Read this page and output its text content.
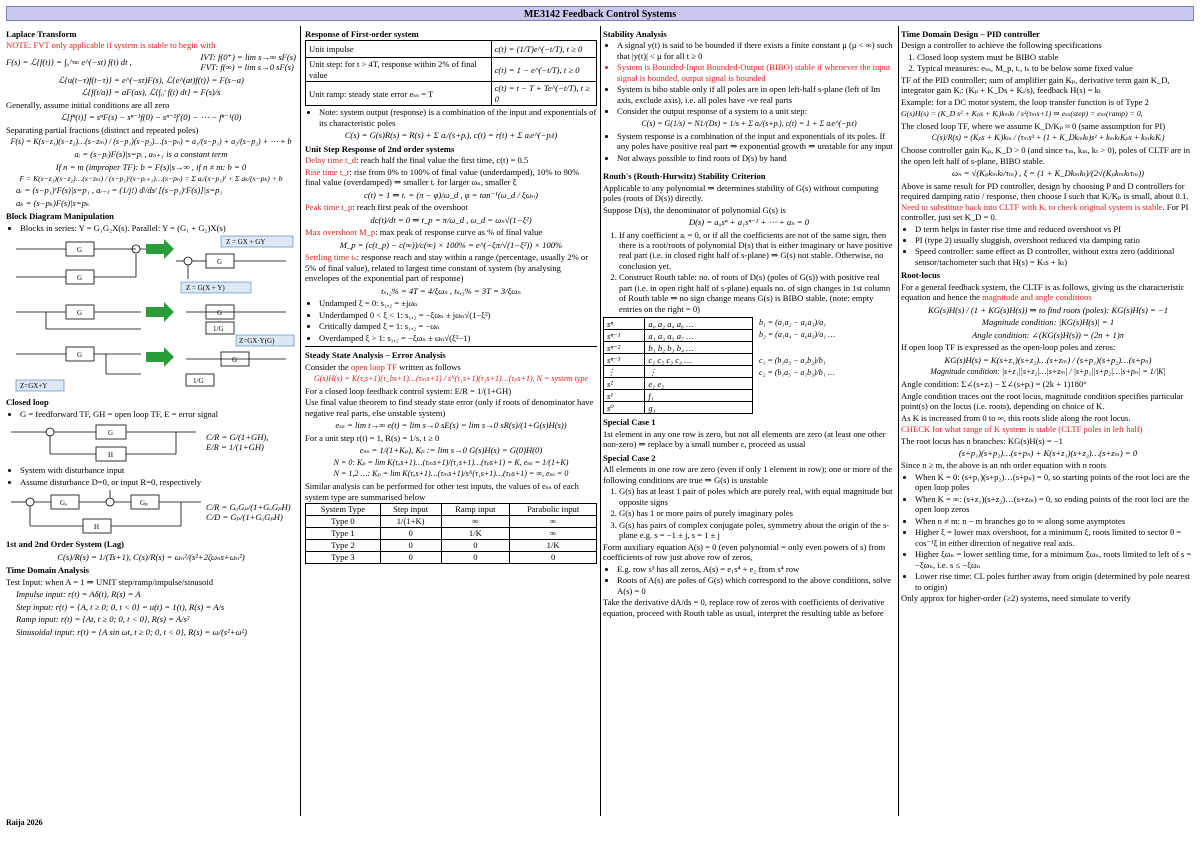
ME3142 Feedback Control Systems
Laplace Transform
NOTE: FVT only applicable if system is stable to begin with
F(s) = ℒ{f(t)} = ∫₀^∞ e^(−st) f(t) dt ,
IVT: f(0⁺) = lim s→∞ sF(s)
FVT: f(∞) = lim s→0 sF(s)
ℒ{u(t−τ)f(t−τ)} = e^(−sτ)F(s), ℒ{e^(at)f(t)} = F(s−a)
ℒ{f(t/a)} = aF(as), ℒ{∫₀ᵗ f(t) dt} = F(s)/s
Generally, assume initial conditions are all zero
ℒ[fⁿ(t)] = sⁿF(s) − sⁿ⁻¹f(0) − sⁿ⁻²f′(0) − ⋯ − fⁿ⁻¹(0)
Separating partial fractions (distinct and repeated poles)
F(s) = K(s−z₁)(s−z₂)…(s−zₘ) / (s−p₁)(s−p₂)…(s−pₙ) = a₁/(s−p₁) + a₂/(s−p₂) + ⋯ + b
aᵢ = (s−pᵢ)F(s)|s=pᵢ , aₙ₊₁ is a constant term
If n = m (improper TF): b = F(s)|s→∞ , if n ≠ m: b = 0
F = K(s−z₁)(s−z₂)…(s−zₘ) / (s−p₁)ʳ(s−pᵣ₊₁)…(s−pₙ) = Σ aᵢ/(s−p₁)ⁱ + Σ aₖ/(s−pₖ) + b
aᵣ = (s−p₁)ʳF(s)|s=p₁ , aᵣ₋ⱼ = (1/j!) dʲ/dsʲ [(s−p₁)ʳF(s)]|s=p₁
aₖ = (s−pₖ)F(s)|s=pₖ
Block Diagram Manipulation
• Blocks in series: Y = G₁G₂X(s). Parallel: Y = (G₁ + G₂)X(s)
G
G
G
G	G
1/G
G
G
1/G
Z = GX + GY
Z = G(X + Y)
Z=GX·Y(G)
Z=GX+Y
Closed loop
• G = feedforward TF, GH = open loop TF, E = error signal
G
H
C/R = G/(1+GH),
E/R = 1/(1+GH)
• System with disturbance input
• Assume disturbance D=0, or input R=0, respectively
Gₐ	Gₚ
H
C/R = GₐGₚ/(1+GₐGₚH)
C/D = Gₚ/(1+GₐGₚH)
1st and 2nd Order System (Lag)
C(s)/R(s) = 1/(Ts+1), C(s)/R(s) = ωₙ²/(s²+2ζωₙs+ωₙ²)
Time Domain Analysis
Test Input: when A = 1 ⇒ UNIT step/ramp/impulse/sinusoid
Impulse input: r(t) = Aδ(t), R(s) = A
Step input: r(t) = {A, t ≥ 0; 0, t < 0} = u(t) = 1(t), R(s) = A/s
Ramp input: r(t) = {At, t ≥ 0; 0, t < 0}, R(s) = A/s²
Sinusoidal input: r(t) = {A sin ωt, t ≥ 0; 0, t < 0}, R(s) = ω/(s²+ω²)
Response of First-order system
Unit impulse	c(t) = (1/T)e^(−t/T), t ≥ 0
Unit step: for t > 4T, response within 2% of final value	c(t) = 1 − e^(−t/T), t ≥ 0
Unit ramp: steady state error eₛₛ = T	c(t) = t − T + Te^(−t/T), t ≥ 0
• Note: system output (response) is a combination of the input and exponentials of its characteristic poles
C(s) = G(s)R(s) = R(s) + Σ aᵢ/(s+pᵢ), c(t) = r(t) + Σ aᵢe^(−pᵢt)
Unit Step Response of 2nd order systems
Delay time t_d: reach half the final value the first time, c(t) = 0.5
Rise time t_r: rise from 0% to 100% of final value (underdamped), 10% to 90% final value (overdamped) ⇒ smaller tᵣ for larger ωₙ, smaller ξ
c(t) = 1 ⇒ tᵣ = (π − φ)/ω_d , φ = tan⁻¹(ω_d / ξωₙ)
Peak time t_p: reach first peak of the overshoot
dc(t)/dt = 0 ⇒ t_p = π/ω_d , ω_d = ωₙ√(1−ξ²)
Max overshoot M_p: max peak of response curve as % of final value
M_p = (c(t_p) − c(∞))/c(∞) × 100% = e^(−ξπ/√(1−ξ²)) × 100%
Settling time tₛ: response reach and stay within a range (percentage, usually 2% or 5% of final value), related to largest time constant of system (by analysing envelopes of the exponential part of response)
tₛ,₂% = 4T = 4/ξωₙ , tₛ,₅% = 3T = 3/ξωₙ
• Undamped ξ = 0: s₁,₂ = ±jωₙ
• Underdamped 0 < ξ < 1: s₁,₂ = −ξωₙ ± jωₙ√(1−ξ²)
• Critically damped ξ = 1: s₁,₂ = −ωₙ
• Overdamped ξ > 1: s₁,₂ = −ξωₙ ± ωₙ√(ξ²−1)
Steady State Analysis – Error Analysis
Consider the open loop TF written as follows
G(s)H(s) = K(τₐs+1)(τ_bs+1)…(τₘs+1) / sᴺ(τ₁s+1)(τ₂s+1)…(τₚs+1), N = system type
For a closed loop feedback control system: E/R = 1/(1+GH)
Use final value theorem to find steady state error (only if roots of denominator have negative real parts, else unstable system)
eₛₛ = lim t→∞ e(t) = lim s→0 sE(s) = lim s→0 sR(s)/(1+G(s)H(s))
For a unit step r(t) = 1, R(s) = 1/s, t ≥ 0
eₛₛ = 1/(1+Kₚ), Kₚ := lim s→0 G(s)H(s) = G(0)H(0)
N = 0: Kₚ = lim K(τₐs+1)…(τₘs+1)/(τ₁s+1)…(τₚs+1) = K, eₛₛ = 1/(1+K)
N = 1,2 …: Kₚ = lim K(τₐs+1)…(τₘs+1)/sᴺ(τ₁s+1)…(τₚs+1) = ∞, eₛₛ = 0
Similar analysis can be performed for other test inputs, the values of eₛₛ of each system type are summarised below
System Type	Step input	Ramp input	Parabolic input
Type 0	1/(1+K)	∞	∞
Type 1	0	1/K	∞
Type 2	0	0	1/K
Type 3	0	0	0
Stability Analysis
• A signal y(t) is said to be bounded if there exists a finite constant μ (μ < ∞) such that |y(t)| < μ for all t ≥ 0
• System is Bounded-Input Bounded-Output (BIBO) stable if whenever the input signal is bounded, output signal is bounded
• System is bibo stable only if all poles are in open left-half s-plane (left of Im axis, exclude axis), i.e. all poles have -ve real parts
• Consider the output response of a system to a unit step:
C(s) = G(1/s) = N1/(Ds) = 1/s + Σ aᵢ/(s+pᵢ), c(t) = 1 + Σ aᵢe^(−pᵢt)
• System response is a combination of the input and exponentials of its poles. If any poles have positive real part ⇒ exponential growth ⇒ unstable for any input
• Not always possible to find roots of D(s) by hand
Routh's (Routh-Hurwitz) Stability Criterion
Applicable to any polynomial ⇒ determines stability of G(s) without computing poles (roots of D(s)) directly.
Suppose D(s), the denominator of polynomial G(s) is
D(s) = a₀sⁿ + a₁sⁿ⁻¹ + ⋯ + aₙ = 0
1. If any coefficient aᵢ = 0, or if all the coefficients are not of the same sign, then there is a root/roots of polynomial D(s) that is either imaginary or have positive real part (i.e. in closed right half of s-plane) ⇒ G(s) not stable. Otherwise, no conclusion yet.
2. Construct Routh table: no. of roots of D(s) (poles of G(s)) with positive real part (i.e. in open right half of s-plane) equals no. of sign changes in 1st column of Routh table ⇒ no sign change means G(s) is BIBO stable. (note: empty entries on the right = 0)
sⁿ	a₀ a₂ a₄ a₆ …
sⁿ⁻¹	a₁ a₃ a₅ a₇ …
sⁿ⁻²	b₁ b₂ b₃ b₄ …
sⁿ⁻³	c₁ c₂ c₃ c₄ …
⋮	⋮
s²	e₁ e₂
s¹	f₁
s⁰	g₁
b₁ = (a₁a₂ − a₀a₃)/a₁
b₂ = (a₁a₄ − a₀a₅)/a₁ …
c₁ = (b₁a₃ − a₁b₂)/b₁
c₂ = (b₁a₅ − a₁b₃)/b₁ …
Special Case 1
1st element in any one row is zero, but not all elements are zero (at least one other non-zero) ⇒ replace by a small number ε, proceed as usual
Special Case 2
All elements in one row are zero (even if only 1 element in row); one or more of the following conditions are true ⇒ G(s) is unstable
1. G(s) has at least 1 pair of poles which are purely real, with equal magnitude but opposite signs
2. G(s) has 1 or more pairs of purely imaginary poles
3. G(s) has pairs of complex conjugate poles, symmetry about the origin of the s-plane e.g. s = −1 ± j, s = 1 ± j
Form auxiliary equation A(s) = 0 (even polynomial = only even powers of s) from coefficients of row just above row of zeros,
• E.g. row s³ has all zeros, A(s) = e₁s⁴ + e₂ from s⁴ row
• Roots of A(s) are poles of G(s) which correspond to the above conditions, solve A(s) = 0
Take the derivative dA/ds = 0, replace row of zeros with coefficients of derivative equation, proceed with Routh table as usual, interpret the resulting table as before
Time Domain Design – PID controller
Design a controller to achieve the following specifications
1. Closed loop system must be BIBO stable
2. Typical measures: eₛₛ, M_p, tᵣ, tₛ to be below some fixed value
TF of the PID controller; sum of amplifier gain Kₚ, derivative term gain K_D, integrator gain Kᵢ: (Kₚ + K_Ds + Kᵢ/s), feedback H(s) = kₜ
Example: for a DC motor system, the loop transfer function is of Type 2
G(s)H(s) = (K_D s² + Kₚs + Kᵢ)kₘkₜ / s²(τₘs+1) ⇒ eₛₛ(step) = eₛₛ(ramp) = 0,
The closed loop TF, where we assume K_D/Kₚ ≈ 0 (same assumption for PI)
C(s)/R(s) = (Kₚs + Kᵢ)kₘ / (τₘs³ + (1 + K_Dkₘkₜ)s² + kₘkₜKₚs + kₘkₜKᵢ)
Choose controller gain Kₚ, K_D > 0 (and since τₘ, kₘ, kₜ > 0), poles of CLTF are in the open left half of s-plane, BIBO stable.
ωₙ = √(Kₚkₘkₜ/τₘ) , ξ = (1 + K_Dkₘkₜ)/(2√(Kₚkₘkₜτₘ))
Above is same result for PD controller, design by choosing P and D controllers for required damping ratio / response, then choose I such that Kᵢ/Kₚ is small, about 0.1. Need to substitute back into CLTF with Kᵢ to check original system is stable. For PI controller, just set K_D = 0.
• D term helps in faster rise time and reduced overshoot vs PI
• PI (type 2) usually sluggish, overshoot reduced via damping ratio
• Speed controller: same effect as D controller, without extra zero (additional sensor/tachometer such that H(s) = Kₜs + kₜ)
Root-locus
For a general feedback system, the CLTF is as follows, giving us the characteristic equation and hence the magnitude and angle conditions
KG(s)H(s) / (1 + KG(s)H(s)) ⇒ to find roots (poles): KG(s)H(s) = −1
Magnitude condition: |KG(s)H(s)| = 1
Angle condition: ∠(KG(s)H(s)) = (2n + 1)π
If open loop TF is expressed as the open-loop poles and zeros:
KG(s)H(s) = K(s+z₁)(s+z₂)…(s+zₘ) / (s+p₁)(s+p₂)…(s+pₙ)
Magnitude condition: |s+z₁||s+z₂|…|s+zₘ| / |s+p₁||s+p₂|…|s+pₙ| = 1/|K|
Angle condition: Σ∠(s+zᵢ) − Σ∠(s+pᵢ) = (2k + 1)180°
Angle condition traces out the root locus, magnitude condition specifies particular point(s) on the locus (i.e. roots), depending on choice of K.
As K is increased from 0 to ∞, this roots slide along the root locus.
CHECK for what range of K system is stable (CLTF poles in left half)
The root locus has n branches: KG(s)H(s) = −1
(s+p₁)(s+p₂)…(s+pₙ) + K(s+z₁)(s+z₂)…(s+zₘ) = 0
Since n ≥ m, the above is an nth order equation with n roots
• When K = 0: (s+p₁)(s+p₂)…(s+pₙ) = 0, so starting points of the root loci are the open loop poles
• When K = ∞: (s+z₁)(s+z₂)…(s+zₘ) = 0, so ending points of the root loci are the open loop zeros
• When n ≠ m: n − m branches go to ∞ along some asymptotes
• Higher ξ = lower max overshoot, for a minimum ξ, roots limited to sector θ = cos⁻¹ξ in either direction of negative real axis.
• Higher ξωₙ = lower settling time, for a minimum ξωₙ, roots limited to left of s = −ξωₙ, i.e. s ≤ −ξωₙ
• Lower rise time: CL poles further away from origin (determined by pole nearest to origin)
Only approx for higher-order (≥2) systems, need simulate to verify
Raija 2026
